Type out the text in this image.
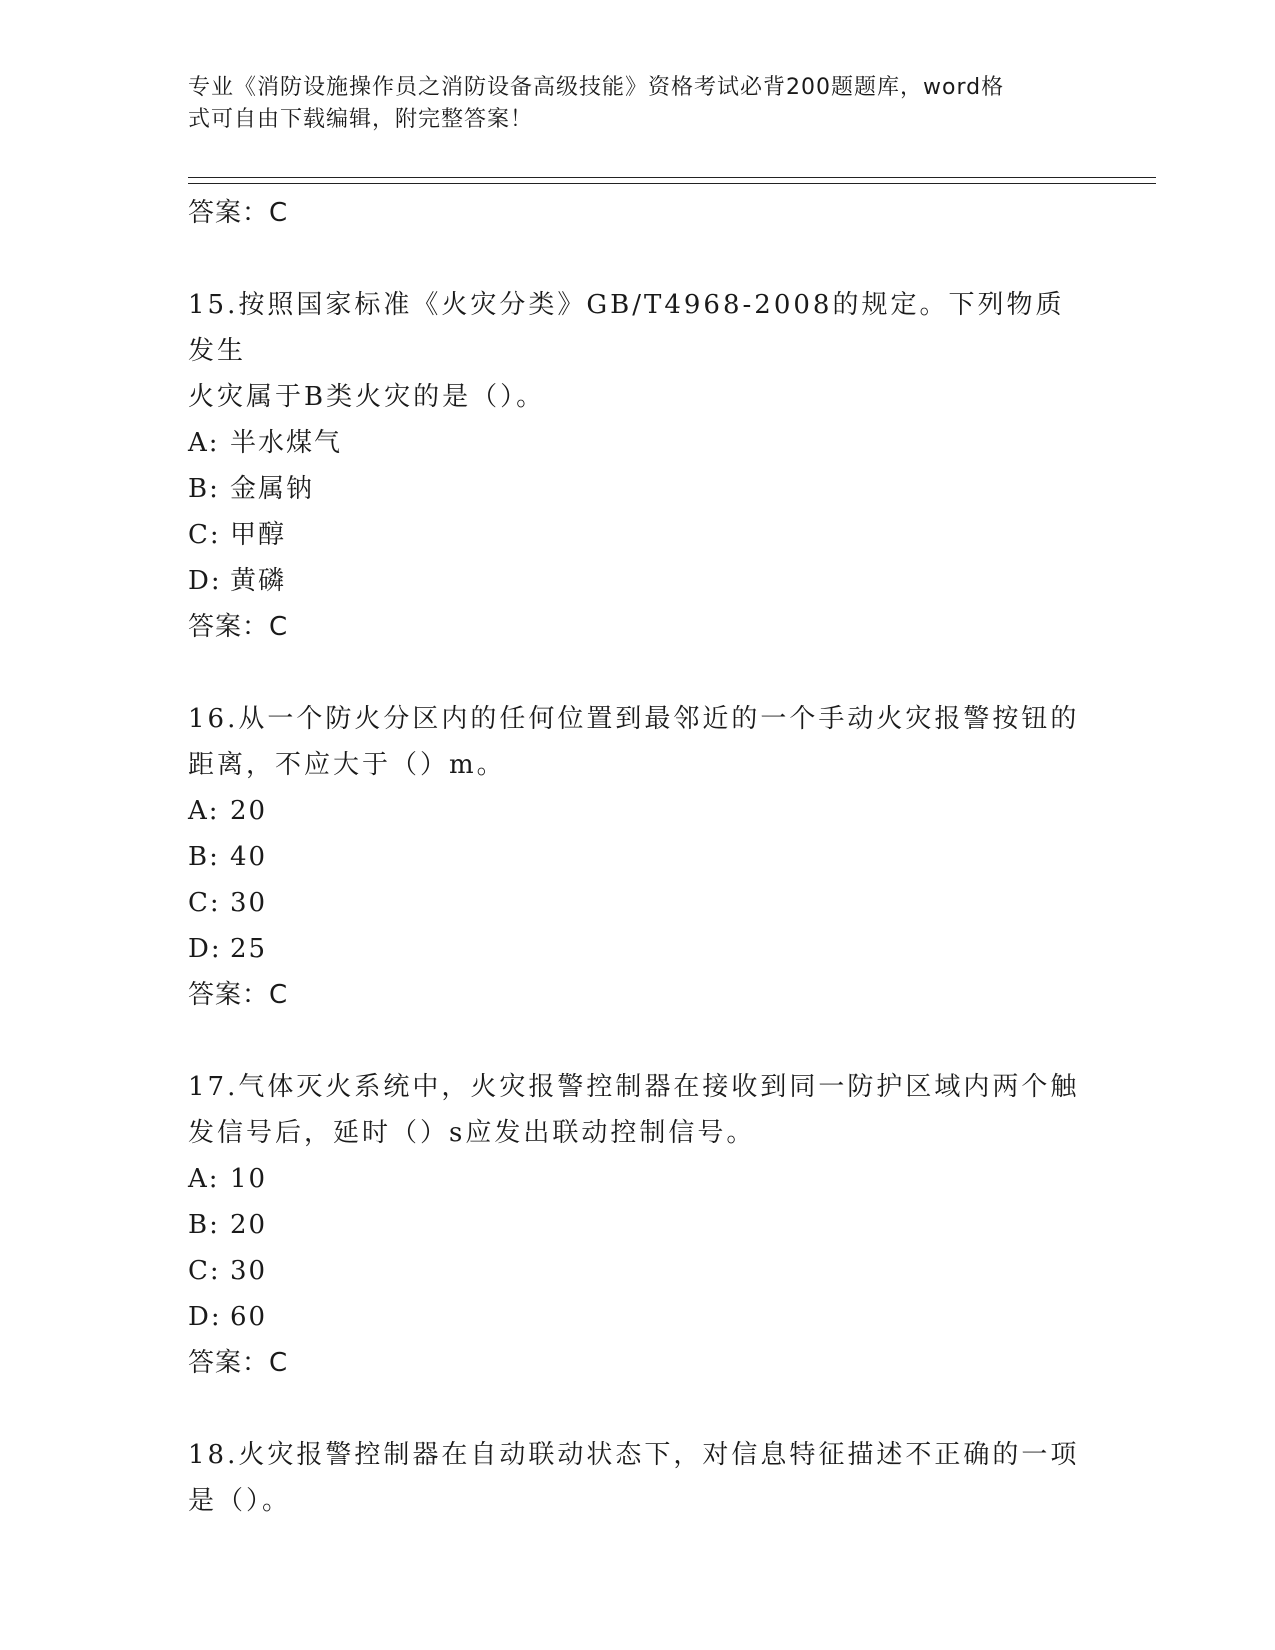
专业《消防设施操作员之消防设备高级技能》资格考试必背200题题库，word格
式可自由下载编辑，附完整答案！
答案：C
15.按照国家标准《火灾分类》GB/T4968-2008的规定。下列物质发生
火灾属于B类火灾的是（）。
A: 半水煤气
B: 金属钠
C: 甲醇
D: 黄磷
答案：C
16.从一个防火分区内的任何位置到最邻近的一个手动火灾报警按钮的
距离，不应大于（）m。
A: 20
B: 40
C: 30
D: 25
答案：C
17.气体灭火系统中，火灾报警控制器在接收到同一防护区域内两个触
发信号后，延时（）s应发出联动控制信号。
A: 10
B: 20
C: 30
D: 60
答案：C
18.火灾报警控制器在自动联动状态下，对信息特征描述不正确的一项
是（）。
